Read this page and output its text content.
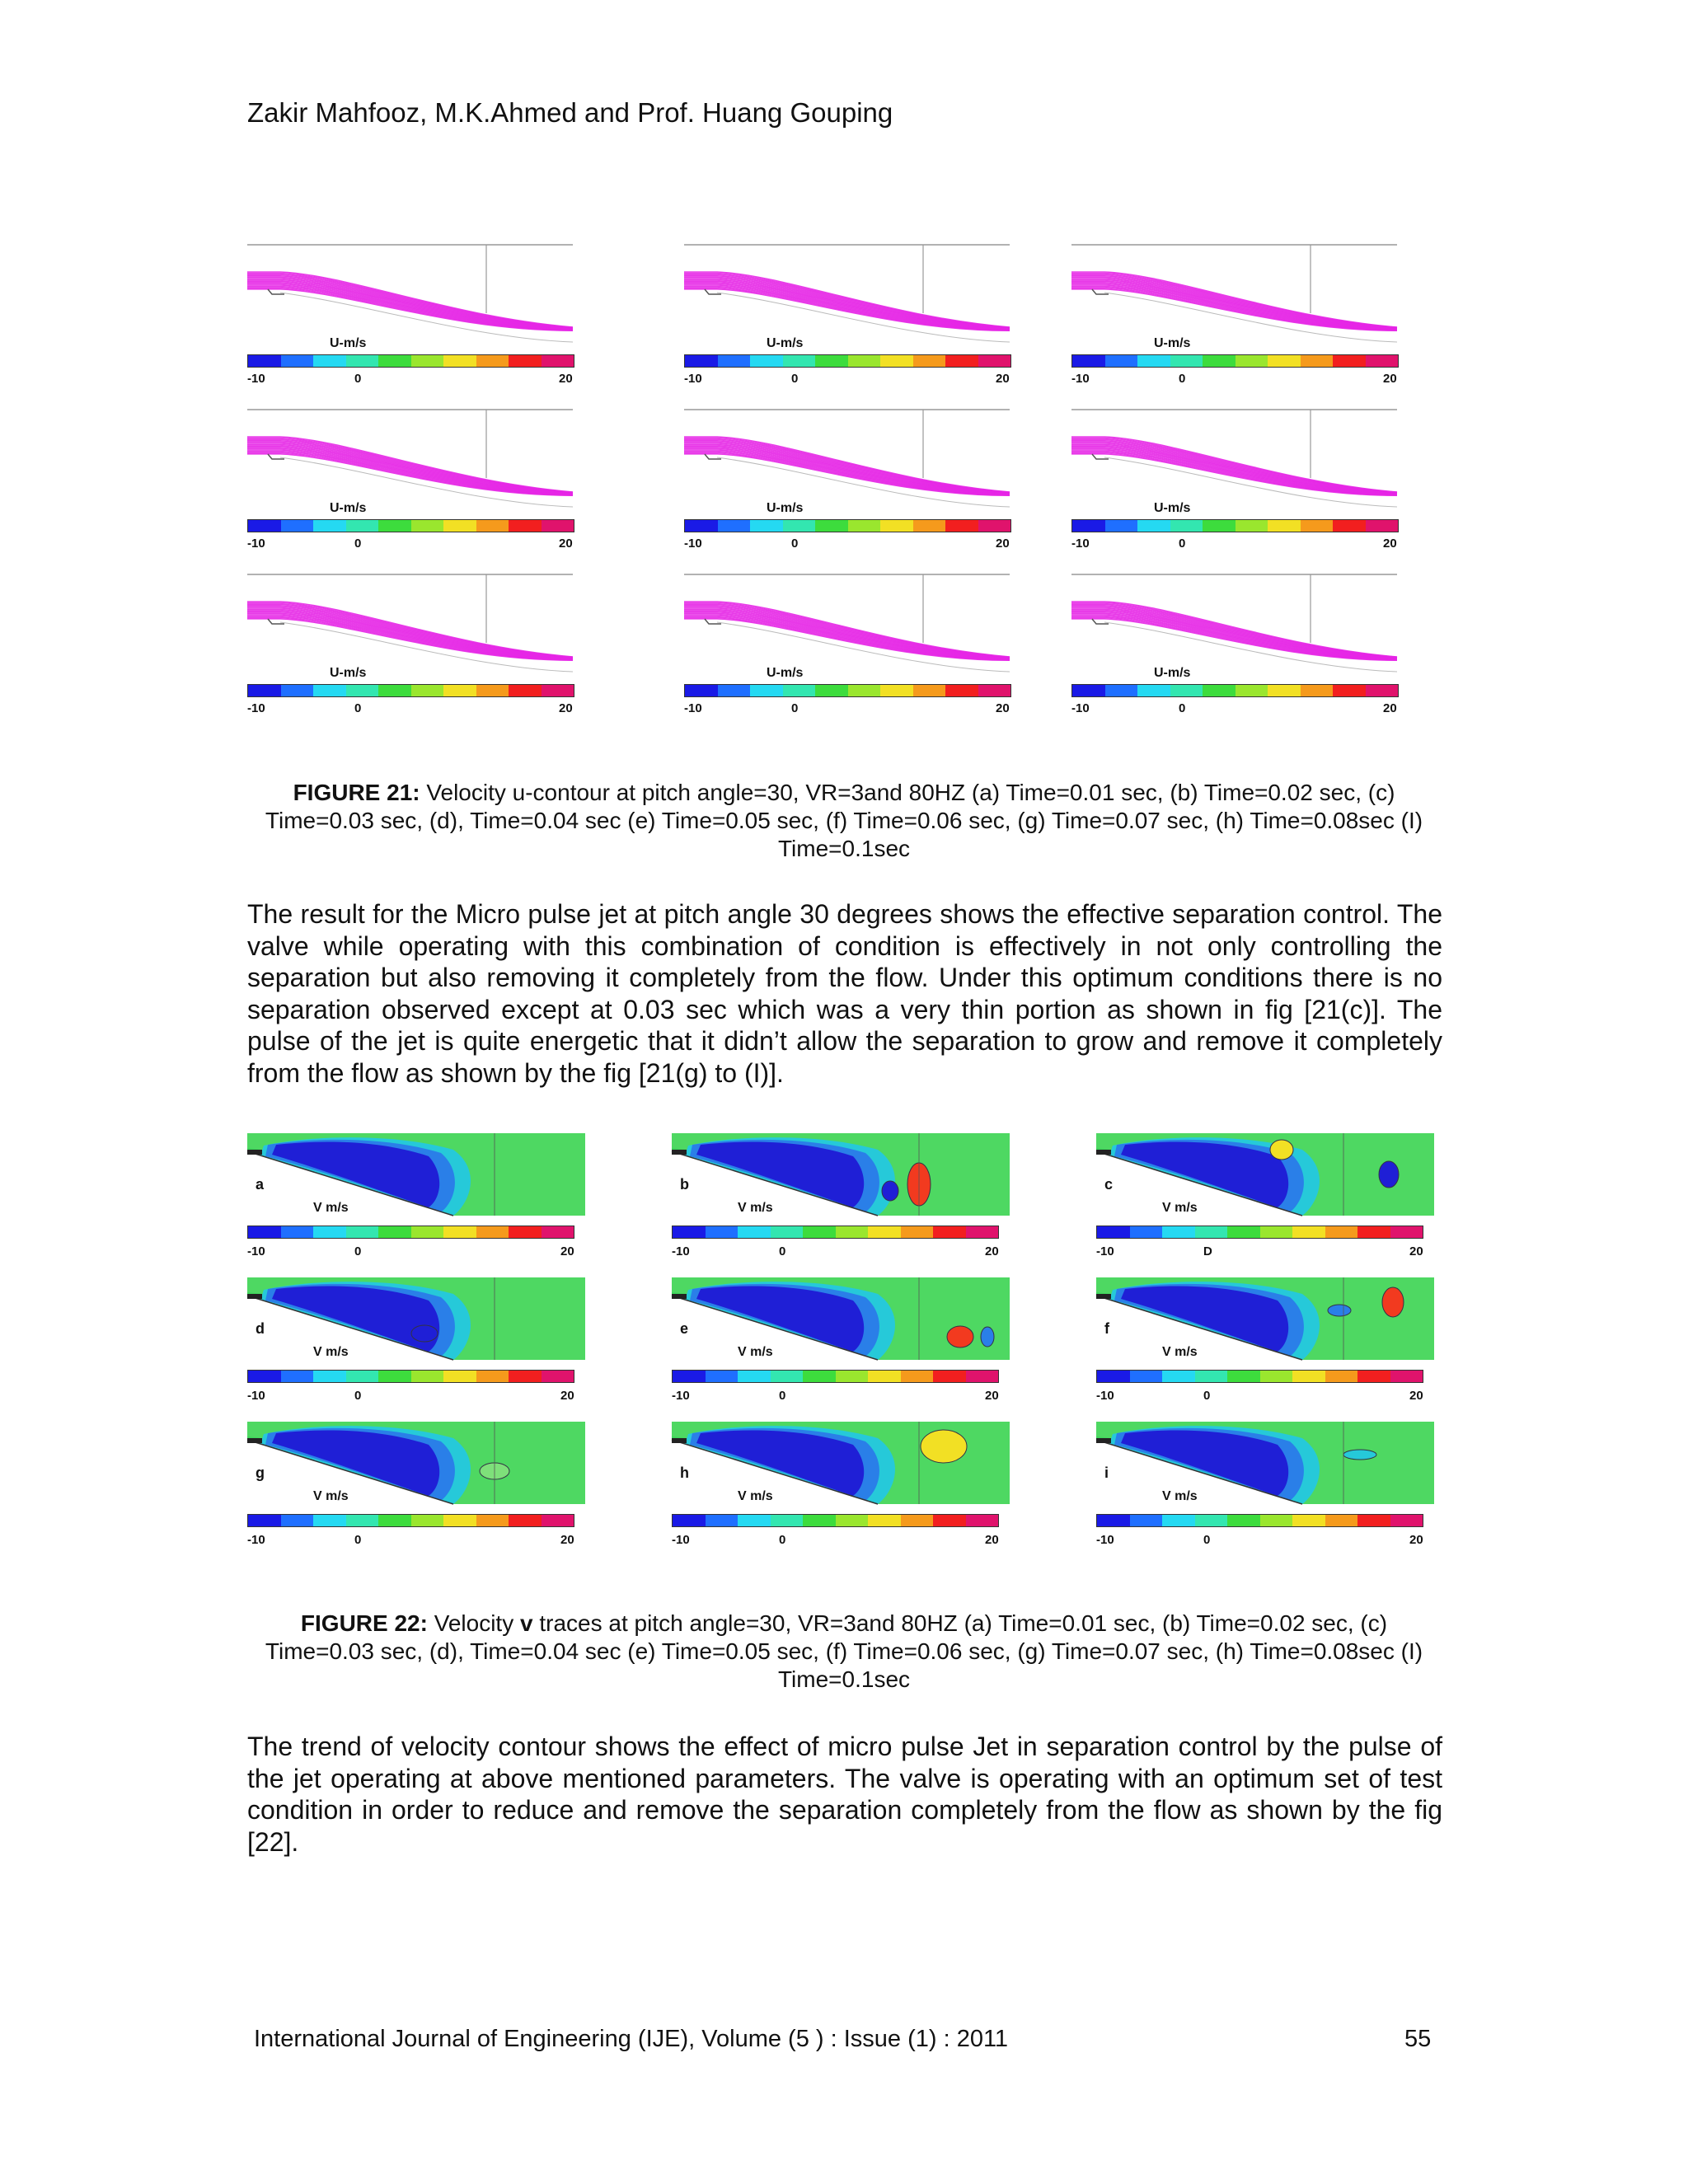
Zakir Mahfooz, M.K.Ahmed and Prof. Huang Gouping
U-m/s
-10	0	20
U-m/s
-10	0	20
U-m/s
-10	0	20
U-m/s
-10	0	20
U-m/s
-10	0	20
U-m/s
-10	0	20
U-m/s
-10	0	20
U-m/s
-10	0	20
U-m/s
-10	0	20
FIGURE 21: Velocity u-contour at pitch angle=30, VR=3and 80HZ (a) Time=0.01 sec, (b) Time=0.02 sec, (c) Time=0.03 sec, (d), Time=0.04 sec (e) Time=0.05 sec, (f) Time=0.06 sec, (g) Time=0.07 sec, (h) Time=0.08sec (I) Time=0.1sec
The result for the Micro pulse jet at pitch angle 30 degrees shows the effective separation control. The valve while operating with this combination of condition is effectively in not only controlling the separation but also removing it completely from the flow. Under this optimum conditions there is no separation observed except at 0.03 sec which was a very thin portion as shown in fig [21(c)]. The pulse of the jet is quite energetic that it didn’t allow the separation to grow and remove it completely from the flow as shown by the fig [21(g) to (I)].
a
V m/s
-10	0	20
b
V m/s
-10	0	20
c
V m/s
-10	D	20
d
V m/s
-10	0	20
e
V m/s
-10	0	20
f
V m/s
-10	0	20
g
V m/s
-10	0	20
h
V m/s
-10	0	20
i
V m/s
-10	0	20
FIGURE 22: Velocity v traces at pitch angle=30, VR=3and 80HZ (a) Time=0.01 sec, (b) Time=0.02 sec, (c) Time=0.03 sec, (d), Time=0.04 sec (e) Time=0.05 sec, (f) Time=0.06 sec, (g) Time=0.07 sec, (h) Time=0.08sec (I) Time=0.1sec
The trend of velocity contour shows the effect of micro pulse Jet in separation control by the pulse of the jet operating at above mentioned parameters. The valve is operating with an optimum set of test condition in order to reduce and remove the separation completely from the flow as shown by the fig [22].
International Journal of Engineering (IJE), Volume (5 ) : Issue (1) : 2011	55
